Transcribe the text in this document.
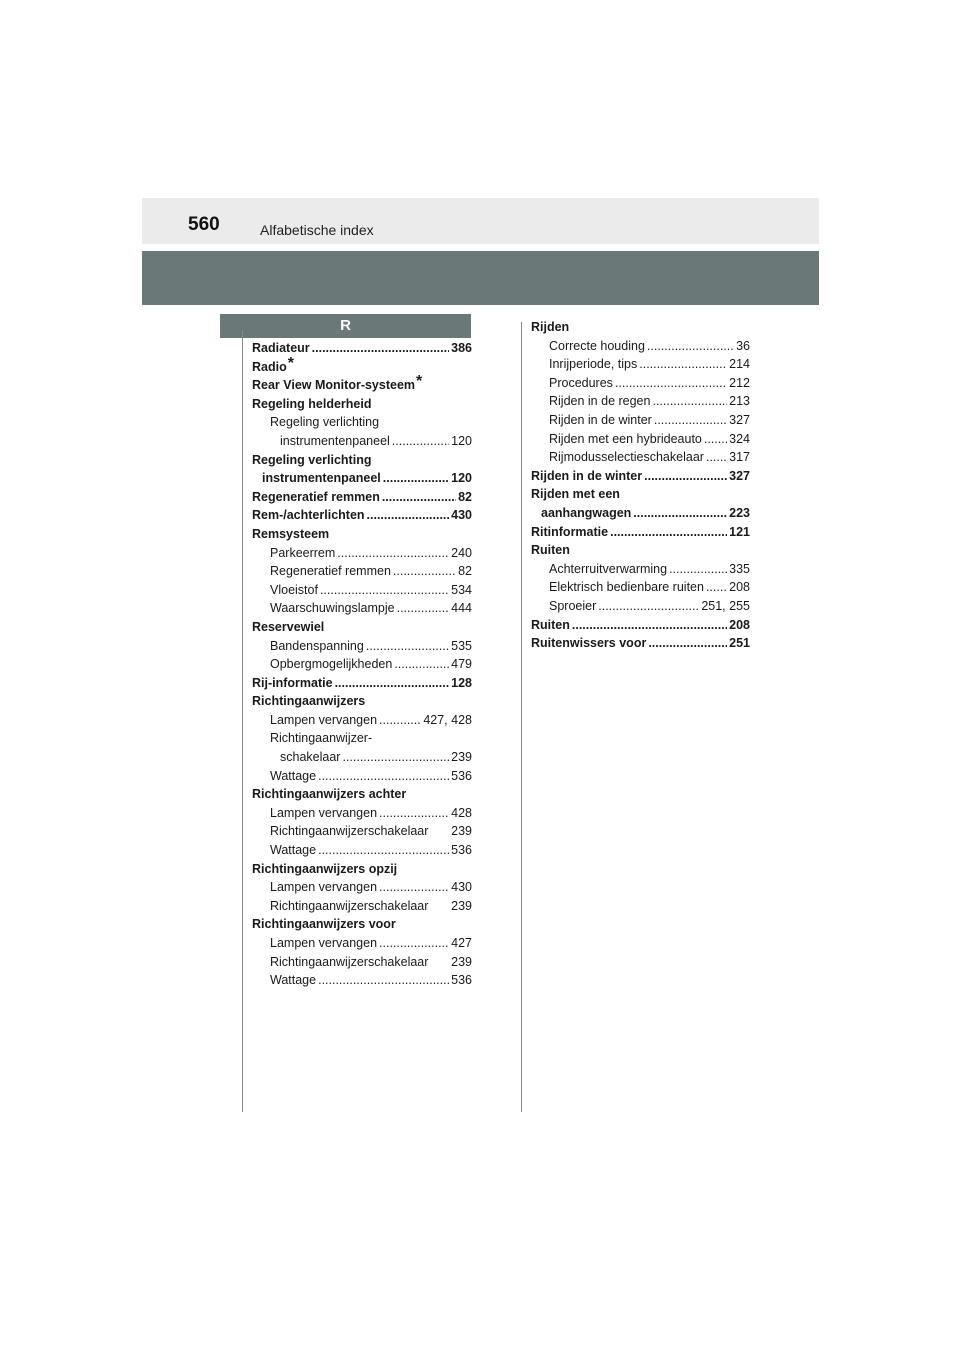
560	Alfabetische index
R
Radiateur .....	386
Radio *
Rear View Monitor-systeem *
Regeling helderheid
Regeling verlichting
instrumentenpaneel .....	120
Regeling verlichting
instrumentenpaneel .....	120
Regeneratief remmen .....	82
Rem-/achterlichten .....	430
Remsysteem
Parkeerrem .....	240
Regeneratief remmen .....	82
Vloeistof .....	534
Waarschuwingslampje .....	444
Reservewiel
Bandenspanning .....	535
Opbergmogelijkheden .....	479
Rij-informatie .....	128
Richtingaanwijzers
Lampen vervangen .....	427, 428
Richtingaanwijzer-
schakelaar .....	239
Wattage .....	536
Richtingaanwijzers achter
Lampen vervangen .....	428
Richtingaanwijzerschakelaar 239
Wattage .....	536
Richtingaanwijzers opzij
Lampen vervangen .....	430
Richtingaanwijzerschakelaar 239
Richtingaanwijzers voor
Lampen vervangen .....	427
Richtingaanwijzerschakelaar 239
Wattage .....	536
Rijden
Correcte houding .....	36
Inrijperiode, tips .....	214
Procedures .....	212
Rijden in de regen .....	213
Rijden in de winter .....	327
Rijden met een hybrideauto ..... 324
Rijmodusselectieschakelaar ..... 317
Rijden in de winter .....	327
Rijden met een
aanhangwagen .....	223
Ritinformatie .....	121
Ruiten
Achterruitverwarming .....	335
Elektrisch bedienbare ruiten ..... 208
Sproeier .....	251, 255
Ruiten .....	208
Ruitenwissers voor .....	251
